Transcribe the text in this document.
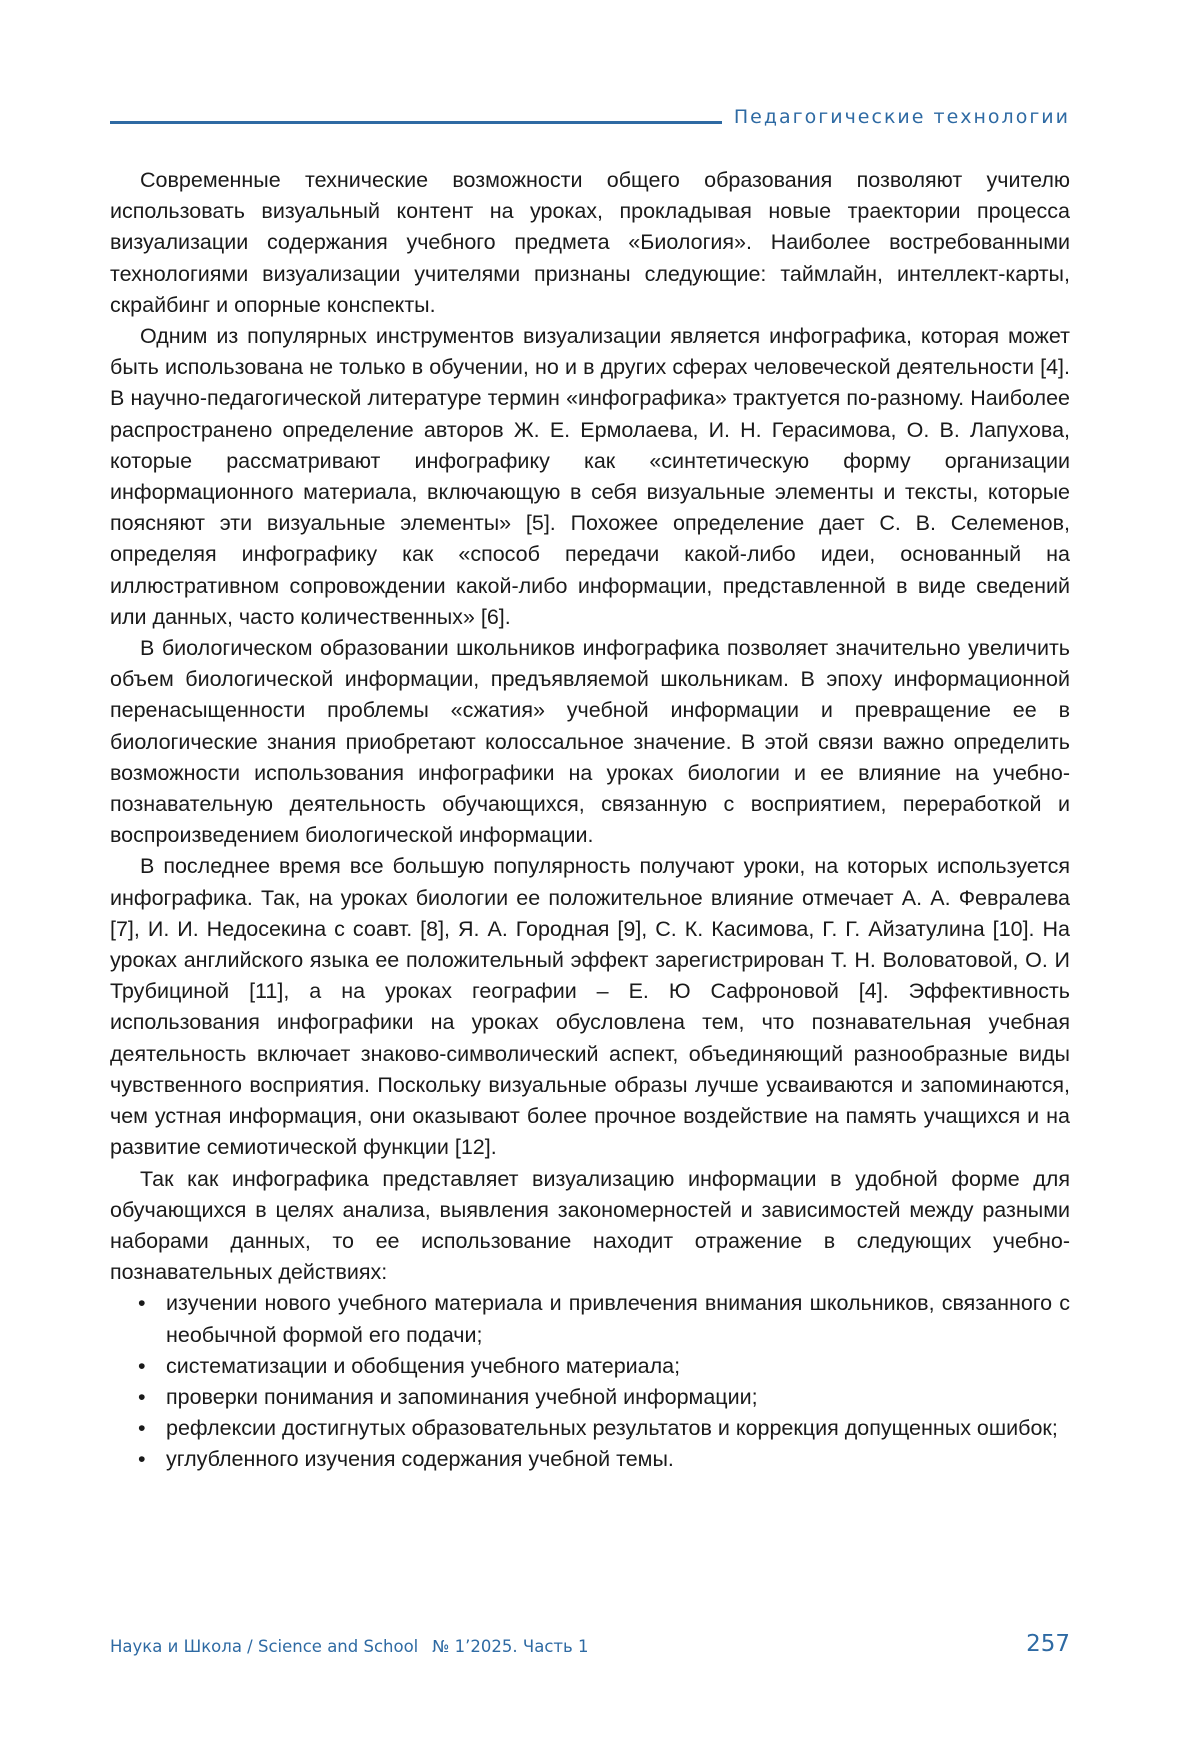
Педагогические технологии

Современные технические возможности общего образования позволяют учителю использовать визуальный контент на уроках, прокладывая новые траектории процесса визуализации содержания учебного предмета «Биология». Наиболее востребованными технологиями визуализации учителями признаны следующие: таймлайн, интеллект-карты, скрайбинг и опорные конспекты.

Одним из популярных инструментов визуализации является инфографика, которая может быть использована не только в обучении, но и в других сферах человеческой деятельности [4]. В научно-педагогической литературе термин «инфографика» трактуется по-разному. Наиболее распространено определение авторов Ж. Е. Ермолаева, И. Н. Герасимова, О. В. Лапухова, которые рассматривают инфографику как «синтетическую форму организации информационного материала, включающую в себя визуальные элементы и тексты, которые поясняют эти визуальные элементы» [5]. Похожее определение дает С. В. Селеменов, определяя инфографику как «способ передачи какой-либо идеи, основанный на иллюстративном сопровождении какой-либо информации, представленной в виде сведений или данных, часто количественных» [6].

В биологическом образовании школьников инфографика позволяет значительно увеличить объем биологической информации, предъявляемой школьникам. В эпоху информационной перенасыщенности проблемы «сжатия» учебной информации и превращение ее в биологические знания приобретают колоссальное значение. В этой связи важно определить возможности использования инфографики на уроках биологии и ее влияние на учебно-познавательную деятельность обучающихся, связанную с восприятием, переработкой и воспроизведением биологической информации.

В последнее время все большую популярность получают уроки, на которых используется инфографика. Так, на уроках биологии ее положительное влияние отмечает А. А. Февралева [7], И. И. Недосекина с соавт. [8], Я. А. Городная [9], С. К. Касимова, Г. Г. Айзатулина [10]. На уроках английского языка ее положительный эффект зарегистрирован Т. Н. Воловатовой, О. И Трубициной [11], а на уроках географии – Е. Ю Сафроновой [4]. Эффективность использования инфографики на уроках обусловлена тем, что познавательная учебная деятельность включает знаково-символический аспект, объединяющий разнообразные виды чувственного восприятия. Поскольку визуальные образы лучше усваиваются и запоминаются, чем устная информация, они оказывают более прочное воздействие на память учащихся и на развитие семиотической функции [12].

Так как инфографика представляет визуализацию информации в удобной форме для обучающихся в целях анализа, выявления закономерностей и зависимостей между разными наборами данных, то ее использование находит отражение в следующих учебно-познавательных действиях:

• изучении нового учебного материала и привлечения внимания школьников, связанного с необычной формой его подачи;
• систематизации и обобщения учебного материала;
• проверки понимания и запоминания учебной информации;
• рефлексии достигнутых образовательных результатов и коррекция допущенных ошибок;
• углубленного изучения содержания учебной темы.
Наука и Школа / Science and School № 1’2025. Часть 1	257
